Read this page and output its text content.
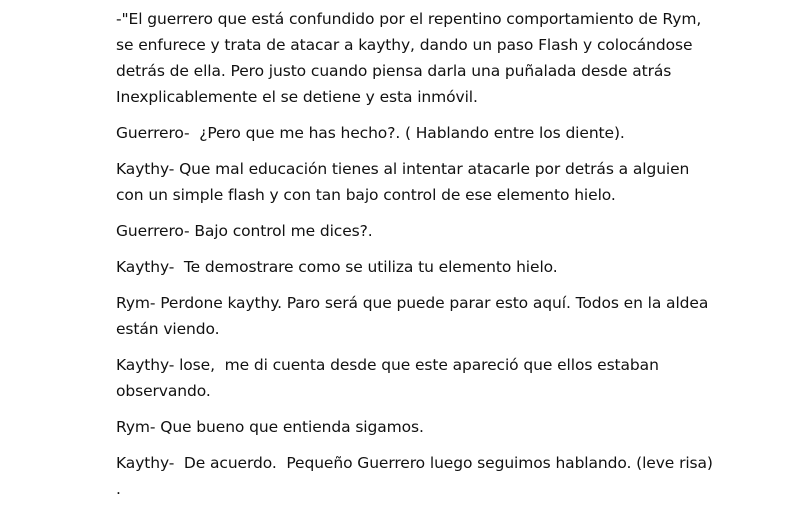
-"El guerrero que está confundido por el repentino comportamiento de Rym,  se enfurece y trata de atacar a kaythy, dando un paso Flash y colocándose detrás de ella. Pero justo cuando piensa darla una puñalada desde atrás Inexplicablemente el se detiene y esta inmóvil.

Guerrero-  ¿Pero que me has hecho?. ( Hablando entre los diente).

Kaythy- Que mal educación tienes al intentar atacarle por detrás a alguien con un simple flash y con tan bajo control de ese elemento hielo.

Guerrero- Bajo control me dices?.

Kaythy-  Te demostrare como se utiliza tu elemento hielo.

Rym- Perdone kaythy. Paro será que puede parar esto aquí. Todos en la aldea están viendo.

Kaythy- lose,  me di cuenta desde que este apareció que ellos estaban observando.

Rym- Que bueno que entienda sigamos.

Kaythy-  De acuerdo.  Pequeño Guerrero luego seguimos hablando. (leve risa) .
